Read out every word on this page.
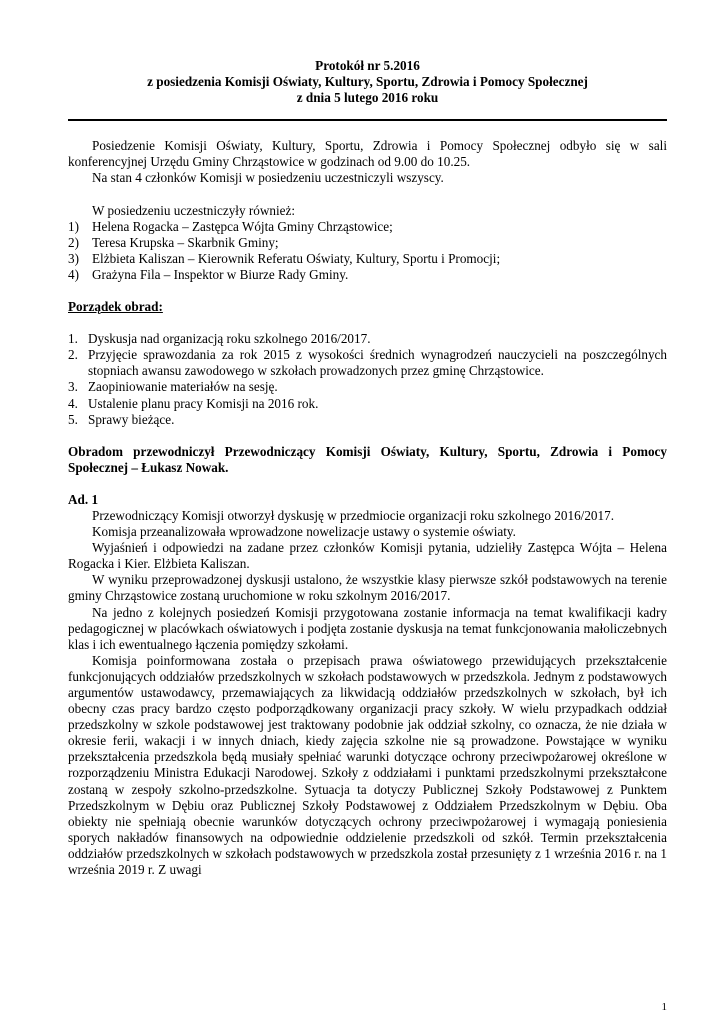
Protokół nr 5.2016

z posiedzenia Komisji Oświaty, Kultury, Sportu, Zdrowia i Pomocy Społecznej

z dnia 5 lutego 2016 roku

Posiedzenie Komisji Oświaty, Kultury, Sportu, Zdrowia i Pomocy Społecznej odbyło się w sali konferencyjnej Urzędu Gminy Chrząstowice w godzinach od 9.00 do 10.25.

Na stan 4 członków Komisji w posiedzeniu uczestniczyli wszyscy.

W posiedzeniu uczestniczyły również:

1) Helena Rogacka – Zastępca Wójta Gminy Chrząstowice;
2) Teresa Krupska – Skarbnik Gminy;
3) Elżbieta Kaliszan – Kierownik Referatu Oświaty, Kultury, Sportu i Promocji;
4) Grażyna Fila – Inspektor w Biurze Rady Gminy.

Porządek obrad:

1. Dyskusja nad organizacją roku szkolnego 2016/2017.
2. Przyjęcie sprawozdania za rok 2015 z wysokości średnich wynagrodzeń nauczycieli na poszczególnych stopniach awansu zawodowego w szkołach prowadzonych przez gminę Chrząstowice.
3. Zaopiniowanie materiałów na sesję.
4. Ustalenie planu pracy Komisji na 2016 rok.
5. Sprawy bieżące.

Obradom przewodniczył Przewodniczący Komisji Oświaty, Kultury, Sportu, Zdrowia i Pomocy Społecznej – Łukasz Nowak.

Ad. 1

Przewodniczący Komisji otworzył dyskusję w przedmiocie organizacji roku szkolnego 2016/2017.

Komisja przeanalizowała wprowadzone nowelizacje ustawy o systemie oświaty.

Wyjaśnień i odpowiedzi na zadane przez członków Komisji pytania, udzieliły Zastępca Wójta – Helena Rogacka i Kier. Elżbieta Kaliszan.

W wyniku przeprowadzonej dyskusji ustalono, że wszystkie klasy pierwsze szkół podstawowych na terenie gminy Chrząstowice zostaną uruchomione w roku szkolnym 2016/2017.

Na jedno z kolejnych posiedzeń Komisji przygotowana zostanie informacja na temat kwalifikacji kadry pedagogicznej w placówkach oświatowych i podjęta zostanie dyskusja na temat funkcjonowania małoliczebnych klas i ich ewentualnego łączenia pomiędzy szkołami.

Komisja poinformowana została o przepisach prawa oświatowego przewidujących przekształcenie funkcjonujących oddziałów przedszkolnych w szkołach podstawowych w przedszkola. Jednym z podstawowych argumentów ustawodawcy, przemawiających za likwidacją oddziałów przedszkolnych w szkołach, był ich obecny czas pracy bardzo często podporządkowany organizacji pracy szkoły. W wielu przypadkach oddział przedszkolny w szkole podstawowej jest traktowany podobnie jak oddział szkolny, co oznacza, że nie działa w okresie ferii, wakacji i w innych dniach, kiedy zajęcia szkolne nie są prowadzone. Powstające w wyniku przekształcenia przedszkola będą musiały spełniać warunki dotyczące ochrony przeciwpożarowej określone w rozporządzeniu Ministra Edukacji Narodowej. Szkoły z oddziałami i punktami przedszkolnymi przekształcone zostaną w zespoły szkolno-przedszkolne. Sytuacja ta dotyczy Publicznej Szkoły Podstawowej z Punktem Przedszkolnym w Dębiu oraz Publicznej Szkoły Podstawowej z Oddziałem Przedszkolnym w Dębiu. Oba obiekty nie spełniają obecnie warunków dotyczących ochrony przeciwpożarowej i wymagają poniesienia sporych nakładów finansowych na odpowiednie oddzielenie przedszkoli od szkół. Termin przekształcenia oddziałów przedszkolnych w szkołach podstawowych w przedszkola został przesunięty z 1 września 2016 r. na 1 września 2019 r. Z uwagi

1
